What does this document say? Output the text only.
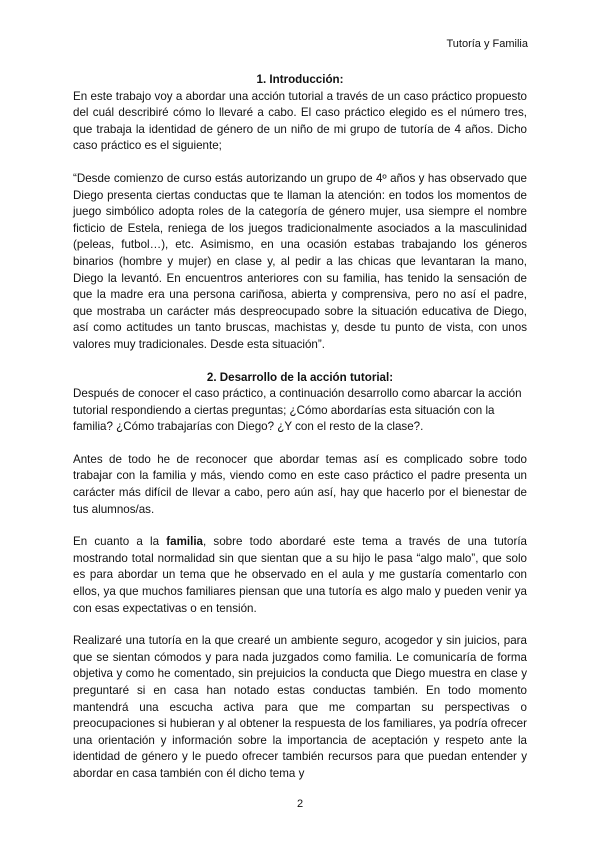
Tutoría y Familia
1. Introducción:

En este trabajo voy a abordar una acción tutorial a través de un caso práctico propuesto del cuál describiré cómo lo llevaré a cabo. El caso práctico elegido es el número tres, que trabaja la identidad de género de un niño de mi grupo de tutoría de 4 años. Dicho caso práctico es el siguiente;

“Desde comienzo de curso estás autorizando un grupo de 4º años y has observado que Diego presenta ciertas conductas que te llaman la atención: en todos los momentos de juego simbólico adopta roles de la categoría de género mujer, usa siempre el nombre ficticio de Estela, reniega de los juegos tradicionalmente asociados a la masculinidad (peleas, futbol…), etc. Asimismo, en una ocasión estabas trabajando los géneros binarios (hombre y mujer) en clase y, al pedir a las chicas que levantaran la mano, Diego la levantó. En encuentros anteriores con su familia, has tenido la sensación de que la madre era una persona cariñosa, abierta y comprensiva, pero no así el padre, que mostraba un carácter más despreocupado sobre la situación educativa de Diego, así como actitudes un tanto bruscas, machistas y, desde tu punto de vista, con unos valores muy tradicionales. Desde esta situación”.

2. Desarrollo de la acción tutorial:

Después de conocer el caso práctico, a continuación desarrollo como abarcar la acción tutorial respondiendo a ciertas preguntas; ¿Cómo abordarías esta situación con la familia? ¿Cómo trabajarías con Diego? ¿Y con el resto de la clase?.

Antes de todo he de reconocer que abordar temas así es complicado sobre todo trabajar con la familia y más, viendo como en este caso práctico el padre presenta un carácter más difícil de llevar a cabo, pero aún así, hay que hacerlo por el bienestar de tus alumnos/as.

En cuanto a la familia, sobre todo abordaré este tema a través de una tutoría mostrando total normalidad sin que sientan que a su hijo le pasa “algo malo”, que solo es para abordar un tema que he observado en el aula y me gustaría comentarlo con ellos, ya que muchos familiares piensan que una tutoría es algo malo y pueden venir ya con esas expectativas o en tensión.

Realizaré una tutoría en la que crearé un ambiente seguro, acogedor y sin juicios, para que se sientan cómodos y para nada juzgados como familia. Le comunicaría de forma objetiva y como he comentado, sin prejuicios la conducta que Diego muestra en clase y preguntaré si en casa han notado estas conductas también. En todo momento mantendrá una escucha activa para que me compartan su perspectivas o preocupaciones si hubieran y al obtener la respuesta de los familiares, ya podría ofrecer una orientación y información sobre la importancia de aceptación y respeto ante la identidad de género y le puedo ofrecer también recursos para que puedan entender y abordar en casa también con él dicho tema y

2
